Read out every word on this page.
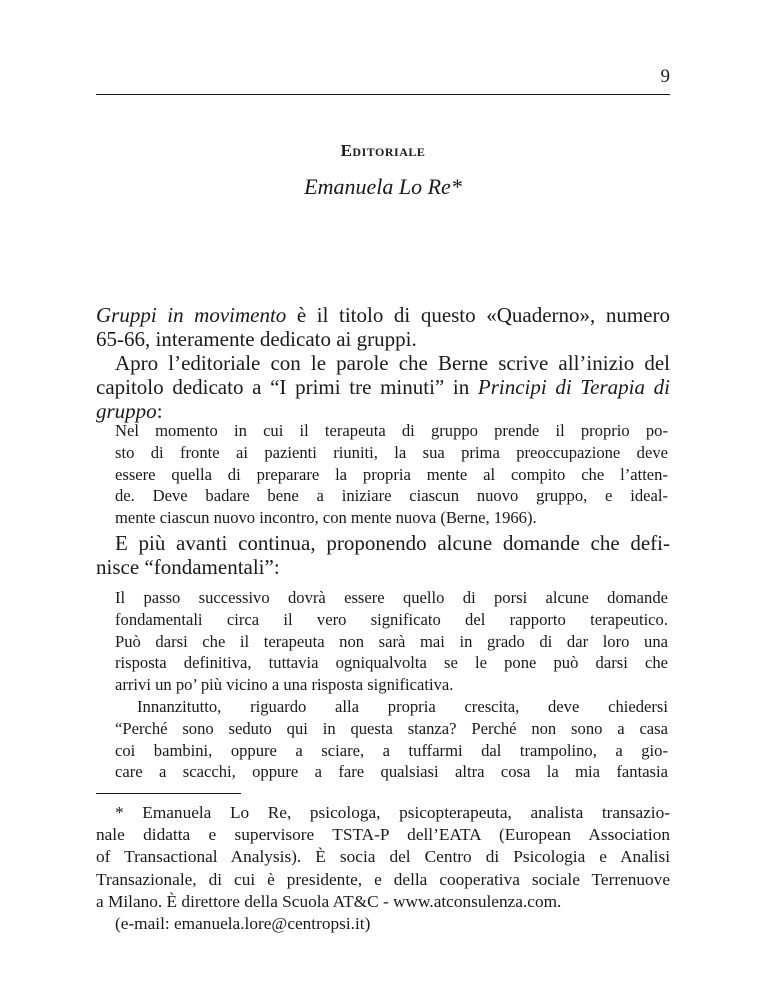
9
Editoriale
Emanuela Lo Re*
Gruppi in movimento è il titolo di questo «Quaderno», numero
65-66, interamente dedicato ai gruppi.
Apro l’editoriale con le parole che Berne scrive all’inizio del
capitolo dedicato a “I primi tre minuti” in Principi di Terapia di
gruppo:
Nel momento in cui il terapeuta di gruppo prende il proprio po-
sto di fronte ai pazienti riuniti, la sua prima preoccupazione deve
essere quella di preparare la propria mente al compito che l’atten-
de. Deve badare bene a iniziare ciascun nuovo gruppo, e ideal-
mente ciascun nuovo incontro, con mente nuova (Berne, 1966).
E più avanti continua, proponendo alcune domande che defi-
nisce “fondamentali”:
Il passo successivo dovrà essere quello di porsi alcune domande
fondamentali circa il vero significato del rapporto terapeutico.
Può darsi che il terapeuta non sarà mai in grado di dar loro una
risposta definitiva, tuttavia ogniqualvolta se le pone può darsi che
arrivi un po’ più vicino a una risposta significativa.
Innanzitutto, riguardo alla propria crescita, deve chiedersi
“Perché sono seduto qui in questa stanza? Perché non sono a casa
coi bambini, oppure a sciare, a tuffarmi dal trampolino, a gio-
care a scacchi, oppure a fare qualsiasi altra cosa la mia fantasia
* Emanuela Lo Re, psicologa, psicopterapeuta, analista transazio-
nale didatta e supervisore TSTA-P dell’EATA (European Association
of Transactional Analysis). È socia del Centro di Psicologia e Analisi
Transazionale, di cui è presidente, e della cooperativa sociale Terrenuove
a Milano. È direttore della Scuola AT&C - www.atconsulenza.com.
(e-mail: emanuela.lore@centropsi.it)
